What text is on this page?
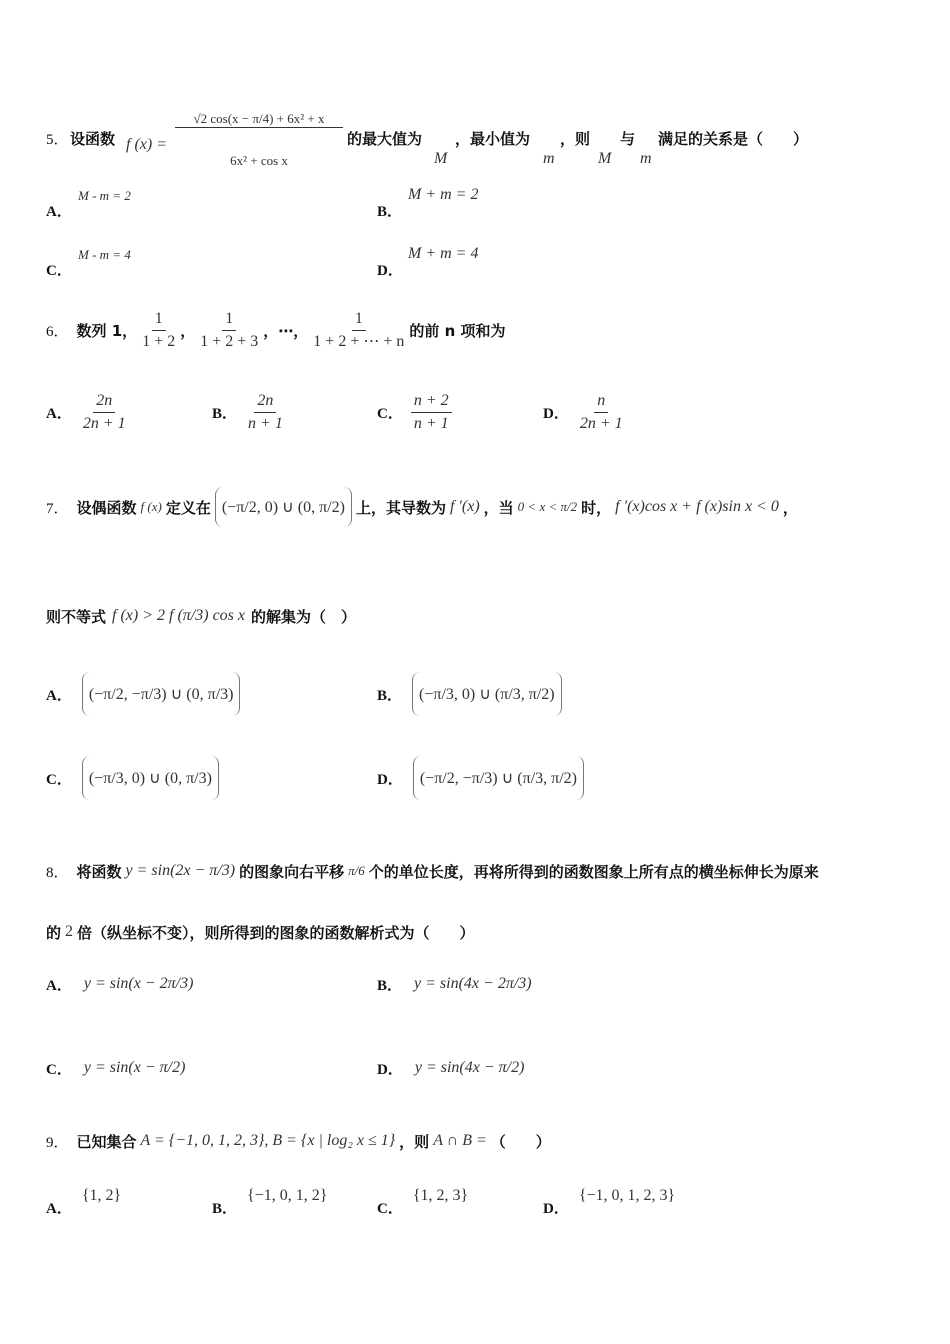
5． 设函数 f (x) =
√2 cos(x − π/4) + 6x² + x
6x² + cos x
的最大值为
M
，最小值为
m
，则
M
与
m
满足的关系是（　　）
A．
M - m = 2
B．
M + m = 2
C．
M - m = 4
D．
M + m = 4
6． 数列 1， $\frac{1}{1 + 2}$ ， $\frac{1}{1 + 2 + 3}$ ，⋯， $\frac{1}{1 + 2 + \cdots + n}$ 的前 n 项和为
A． $\frac{2n}{2n + 1}$	B． $\frac{2n}{n + 1}$	C． $\frac{n + 2}{n + 1}$	D． $\frac{n}{2n + 1}$
7． 设偶函数 f (x) 定义在 (−π/2, 0) ∪ (0, π/2) 上，其导数为 f ′(x) ，当 0 < x < π/2 时， f ′(x)cos x + f (x)sin x < 0 ，
则不等式 f (x) > 2 f (π/3) cos x 的解集为（　）
A．	(−π/2, −π/3) ∪ (0, π/3)	B．	(−π/3, 0) ∪ (π/3, π/2)
C．	(−π/3, 0) ∪ (0, π/3)	D．	(−π/2, −π/3) ∪ (π/3, π/2)
8． 将函数 y = sin(2x − π/3) 的图象向右平移 π/6 个的单位长度，再将所得到的函数图象上所有点的横坐标伸长为原来
的 2 倍（纵坐标不变），则所得到的图象的函数解析式为（　　）
A． y = sin(x − 2π/3)	B． y = sin(4x − 2π/3)
C． y = sin(x − π/2)	D． y = sin(4x − π/2)
9． 已知集合 A = {−1, 0, 1, 2, 3}, B = {x | log₂ x ≤ 1} ，则 A ∩ B = （　　）
A．
{1, 2}
B．
{−1, 0, 1, 2}
C．
{1, 2, 3}
D．
{−1, 0, 1, 2, 3}
